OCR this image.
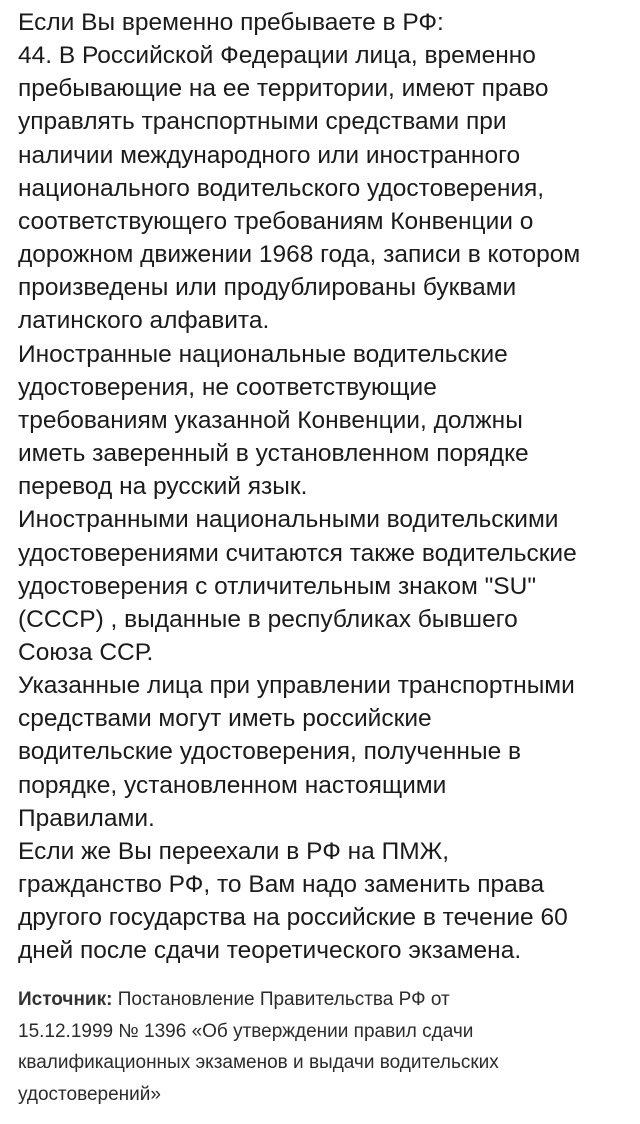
Если Вы временно пребываете в РФ:
44. В Российской Федерации лица, временно
пребывающие на ее территории, имеют право
управлять транспортными средствами при
наличии международного или иностранного
национального водительского удостоверения,
соответствующего требованиям Конвенции о
дорожном движении 1968 года, записи в котором
произведены или продублированы буквами
латинского алфавита.
Иностранные национальные водительские
удостоверения, не соответствующие
требованиям указанной Конвенции, должны
иметь заверенный в установленном порядке
перевод на русский язык.
Иностранными национальными водительскими
удостоверениями считаются также водительские
удостоверения с отличительным знаком "SU"
(СССР) , выданные в республиках бывшего
Союза ССР.
Указанные лица при управлении транспортными
средствами могут иметь российские
водительские удостоверения, полученные в
порядке, установленном настоящими
Правилами.
Если же Вы переехали в РФ на ПМЖ,
гражданство РФ, то Вам надо заменить права
другого государства на российские в течение 60
дней после сдачи теоретического экзамена.

Источник: Постановление Правительства РФ от
15.12.1999 № 1396 «Об утверждении правил сдачи
квалификационных экзаменов и выдачи водительских
удостоверений»
